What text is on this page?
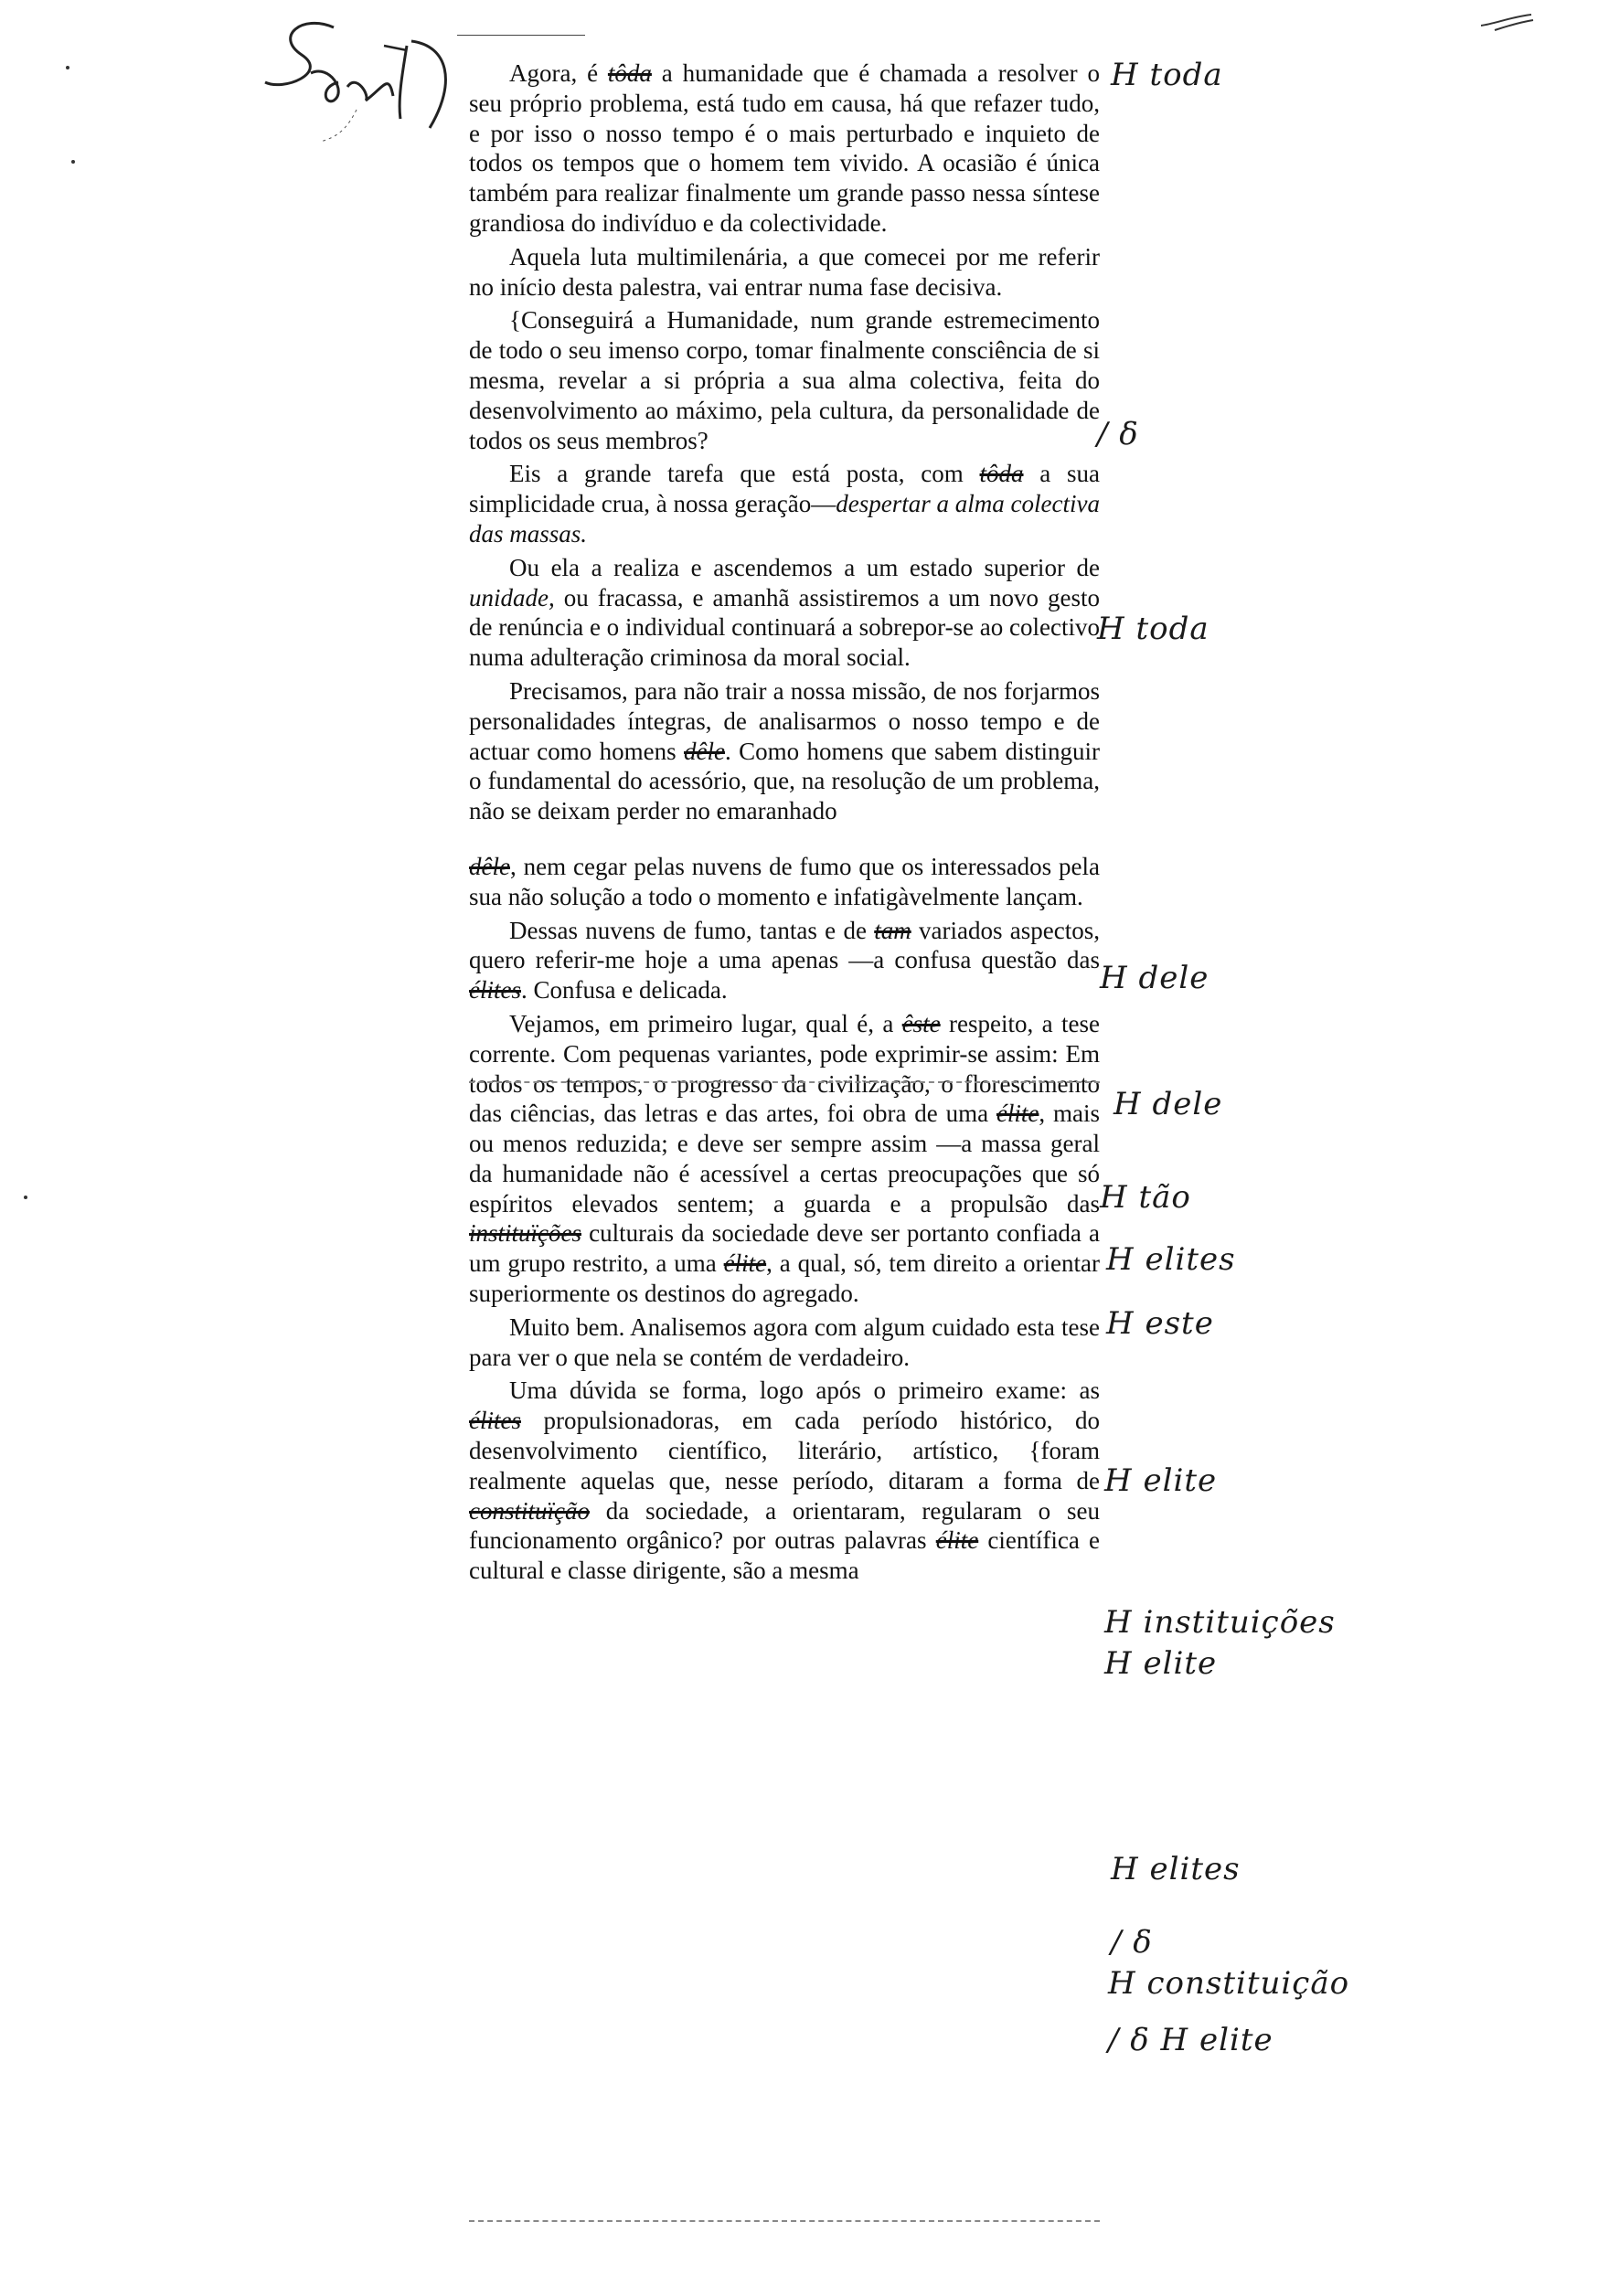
Agora, é tôda a humanidade que é chamada a resolver o seu próprio problema, está tudo em causa, há que refazer tudo, e por isso o nosso tempo é o mais perturbado e inquieto de todos os tempos que o homem tem vivido. A ocasião é única também para realizar finalmente um grande passo nessa síntese grandiosa do indivíduo e da colectividade.

Aquela luta multimilenária, a que comecei por me referir no início desta palestra, vai entrar numa fase decisiva.

{Conseguirá a Humanidade, num grande estremecimento de todo o seu imenso corpo, tomar finalmente consciência de si mesma, revelar a si própria a sua alma colectiva, feita do desenvolvimento ao máximo, pela cultura, da personalidade de todos os seus membros?

Eis a grande tarefa que está posta, com tôda a sua simplicidade crua, à nossa geração—despertar a alma colectiva das massas.

Ou ela a realiza e ascendemos a um estado superior de unidade, ou fracassa, e amanhã assistiremos a um novo gesto de renúncia e o individual continuará a sobrepor-se ao colectivo numa adulteração criminosa da moral social.

Precisamos, para não trair a nossa missão, de nos forjarmos personalidades íntegras, de analisarmos o nosso tempo e de actuar como homens dêle. Como homens que sabem distinguir o fundamental do acessório, que, na resolução de um problema, não se deixam perder no emaranhado

dêle, nem cegar pelas nuvens de fumo que os interessados pela sua não solução a todo o momento e infatigàvelmente lançam.

Dessas nuvens de fumo, tantas e de tam variados aspectos, quero referir-me hoje a uma apenas —a confusa questão das élites. Confusa e delicada.

Vejamos, em primeiro lugar, qual é, a êste respeito, a tese corrente. Com pequenas variantes, pode exprimir-se assim: Em todos os tempos, o progresso da civilização, o florescimento das ciências, das letras e das artes, foi obra de uma élite, mais ou menos reduzida; e deve ser sempre assim —a massa geral da humanidade não é acessível a certas preocupações que só espíritos elevados sentem; a guarda e a propulsão das instituïções culturais da sociedade deve ser portanto confiada a um grupo restrito, a uma élite, a qual, só, tem direito a orientar superiormente os destinos do agregado.

Muito bem. Analisemos agora com algum cuidado esta tese para ver o que nela se contém de verdadeiro.

Uma dúvida se forma, logo após o primeiro exame: as élites propulsionadoras, em cada período histórico, do desenvolvimento científico, literário, artístico, {foram realmente aquelas que, nesse período, ditaram a forma de constituïção da sociedade, a orientaram, regularam o seu funcionamento orgânico? por outras palavras élite científica e cultural e classe dirigente, são a mesma

H toda
/ δ
H toda
H dele
H dele
H tão
H elites
H este
H elite
H instituições
H elite
H elites
/ δ
H constituição
/ δ H elite
